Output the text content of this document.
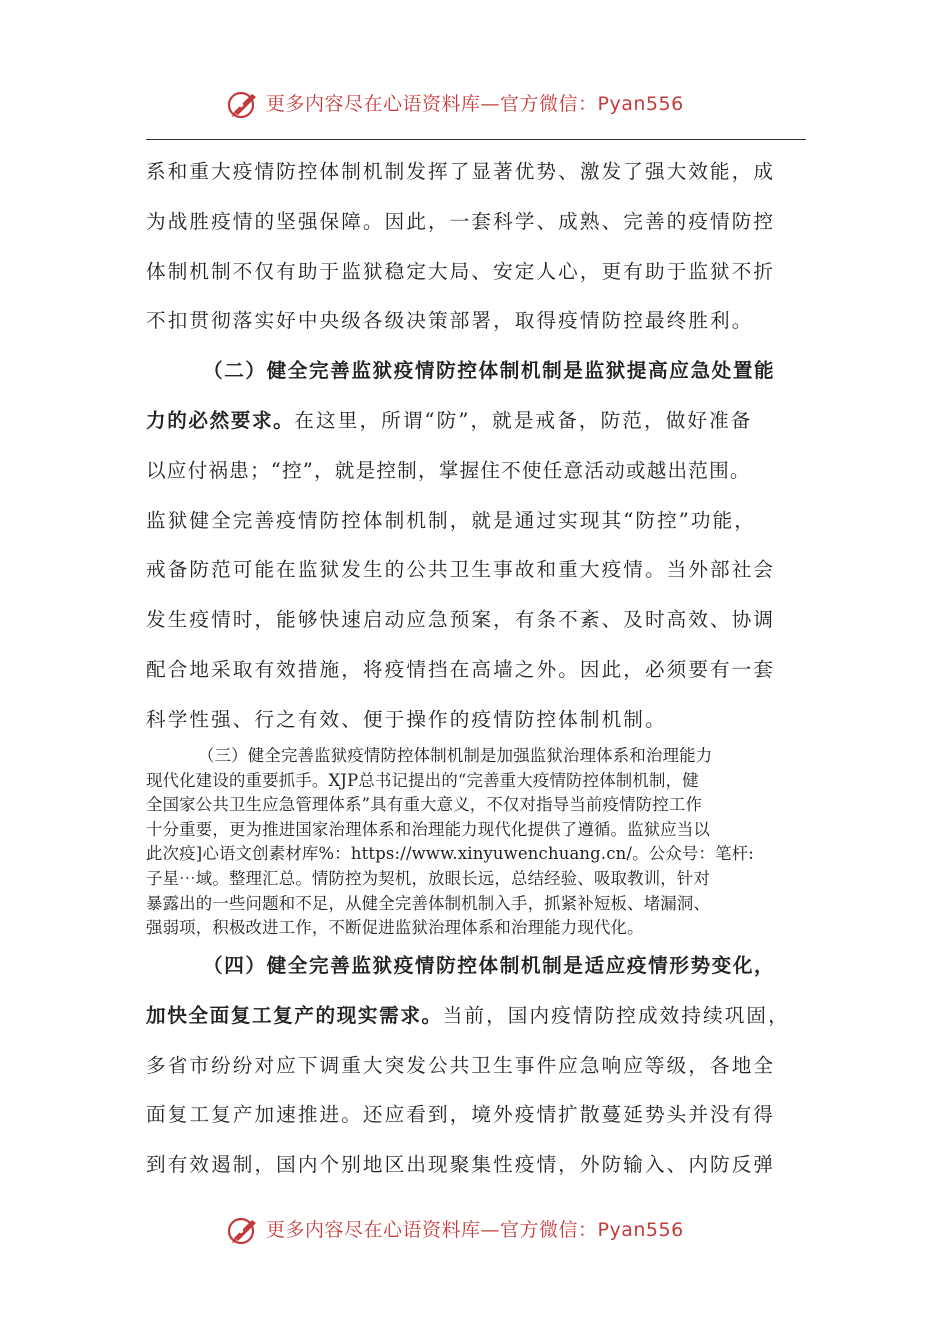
更多内容尽在心语资料库—官方微信：Pyan556
系和重大疫情防控体制机制发挥了显著优势、激发了强大效能，成
为战胜疫情的坚强保障。因此，一套科学、成熟、完善的疫情防控
体制机制不仅有助于监狱稳定大局、安定人心，更有助于监狱不折
不扣贯彻落实好中央级各级决策部署，取得疫情防控最终胜利。
（二）健全完善监狱疫情防控体制机制是监狱提高应急处置能
力的必然要求。在这里，所谓“防”，就是戒备，防范，做好准备
以应付祸患；“控”，就是控制，掌握住不使任意活动或越出范围。
监狱健全完善疫情防控体制机制，就是通过实现其“防控”功能，
戒备防范可能在监狱发生的公共卫生事故和重大疫情。当外部社会
发生疫情时，能够快速启动应急预案，有条不紊、及时高效、协调
配合地采取有效措施，将疫情挡在高墙之外。因此，必须要有一套
科学性强、行之有效、便于操作的疫情防控体制机制。
（三）健全完善监狱疫情防控体制机制是加强监狱治理体系和治理能力
现代化建设的重要抓手。XJP总书记提出的“完善重大疫情防控体制机制，健
全国家公共卫生应急管理体系”具有重大意义，不仅对指导当前疫情防控工作
十分重要，更为推进国家治理体系和治理能力现代化提供了遵循。监狱应当以
此次疫]心语文创素材库%：https://www.xinyuwenchuang.cn/。公众号：笔杆:
子星⋯域。整理汇总。情防控为契机，放眼长远，总结经验、吸取教训，针对
暴露出的一些问题和不足，从健全完善体制机制入手，抓紧补短板、堵漏洞、
强弱项，积极改进工作，不断促进监狱治理体系和治理能力现代化。
（四）健全完善监狱疫情防控体制机制是适应疫情形势变化，
加快全面复工复产的现实需求。当前，国内疫情防控成效持续巩固，
多省市纷纷对应下调重大突发公共卫生事件应急响应等级，各地全
面复工复产加速推进。还应看到，境外疫情扩散蔓延势头并没有得
到有效遏制，国内个别地区出现聚集性疫情，外防输入、内防反弹
更多内容尽在心语资料库—官方微信：Pyan556
